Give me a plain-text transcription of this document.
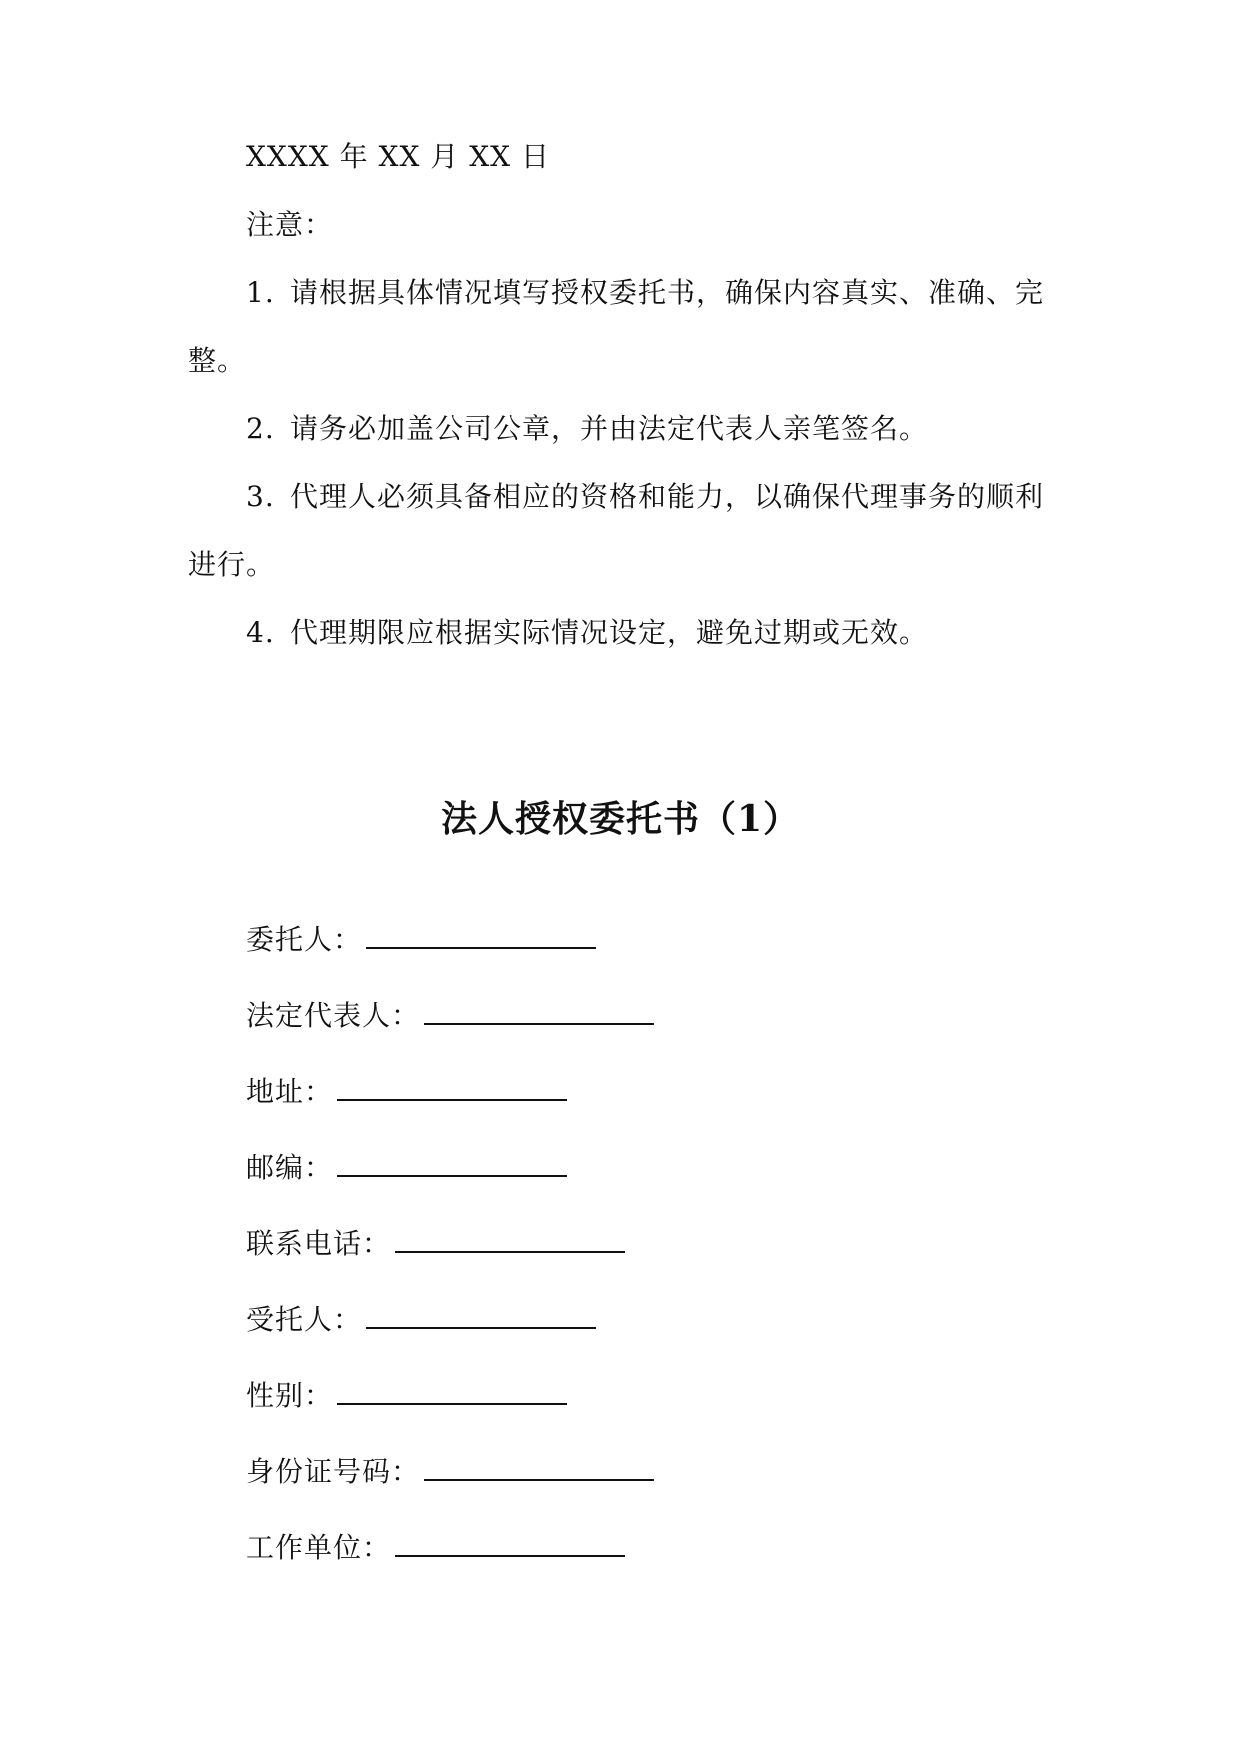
XXXX 年 XX 月 XX 日
注意：
1. 请根据具体情况填写授权委托书，确保内容真实、准确、完
整。
2. 请务必加盖公司公章，并由法定代表人亲笔签名。
3. 代理人必须具备相应的资格和能力，以确保代理事务的顺利
进行。
4. 代理期限应根据实际情况设定，避免过期或无效。
法人授权委托书（1）
委托人：
法定代表人：
地址：
邮编：
联系电话：
受托人：
性别：
身份证号码：
工作单位：
